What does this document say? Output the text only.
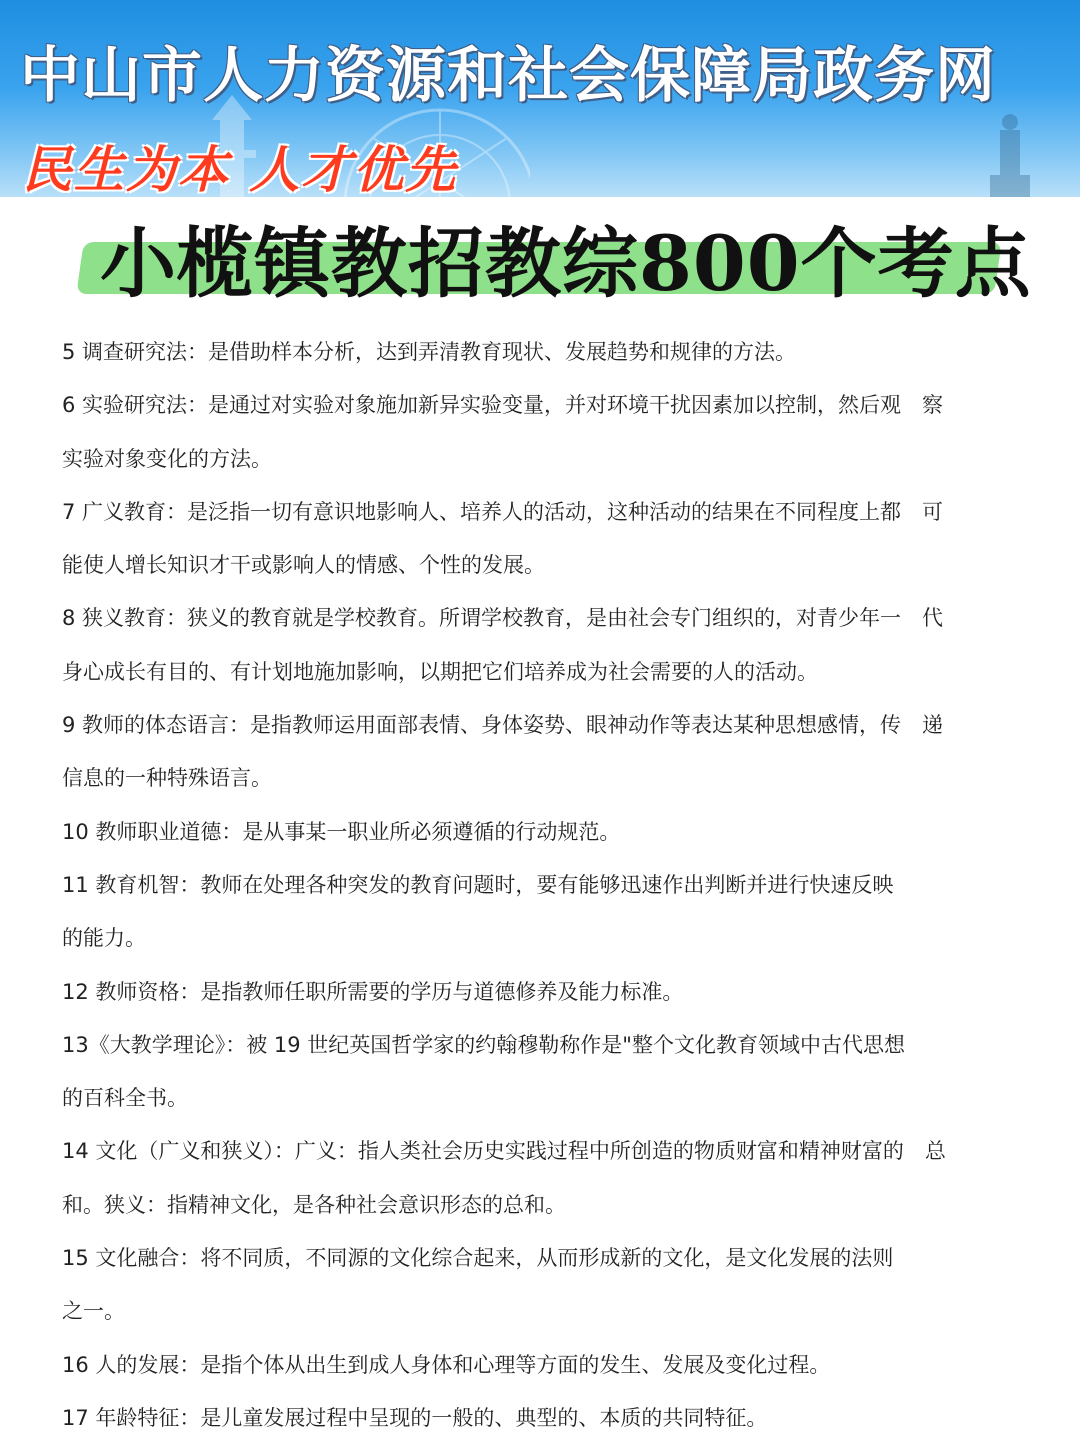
中山市人力资源和社会保障局政务网
民生为本 人才优先
小榄镇教招教综800个考点
5 调查研究法：是借助样本分析，达到弄清教育现状、发展趋势和规律的方法。
6 实验研究法：是通过对实验对象施加新异实验变量，并对环境干扰因素加以控制，然后观　察
实验对象变化的方法。
7 广义教育：是泛指一切有意识地影响人、培养人的活动，这种活动的结果在不同程度上都　可
能使人增长知识才干或影响人的情感、个性的发展。
8 狭义教育：狭义的教育就是学校教育。所谓学校教育，是由社会专门组织的，对青少年一　代
身心成长有目的、有计划地施加影响，以期把它们培养成为社会需要的人的活动。
9 教师的体态语言：是指教师运用面部表情、身体姿势、眼神动作等表达某种思想感情，传　递
信息的一种特殊语言。
10 教师职业道德：是从事某一职业所必须遵循的行动规范。
11 教育机智：教师在处理各种突发的教育问题时，要有能够迅速作出判断并进行快速反映
的能力。
12 教师资格：是指教师任职所需要的学历与道德修养及能力标准。
13《大教学理论》：被 19 世纪英国哲学家的约翰穆勒称作是"整个文化教育领域中古代思想
的百科全书。
14 文化（广义和狭义）：广义：指人类社会历史实践过程中所创造的物质财富和精神财富的　总
和。狭义：指精神文化，是各种社会意识形态的总和。
15 文化融合：将不同质，不同源的文化综合起来，从而形成新的文化，是文化发展的法则
之一。
16 人的发展：是指个体从出生到成人身体和心理等方面的发生、发展及变化过程。
17 年龄特征：是儿童发展过程中呈现的一般的、典型的、本质的共同特征。
